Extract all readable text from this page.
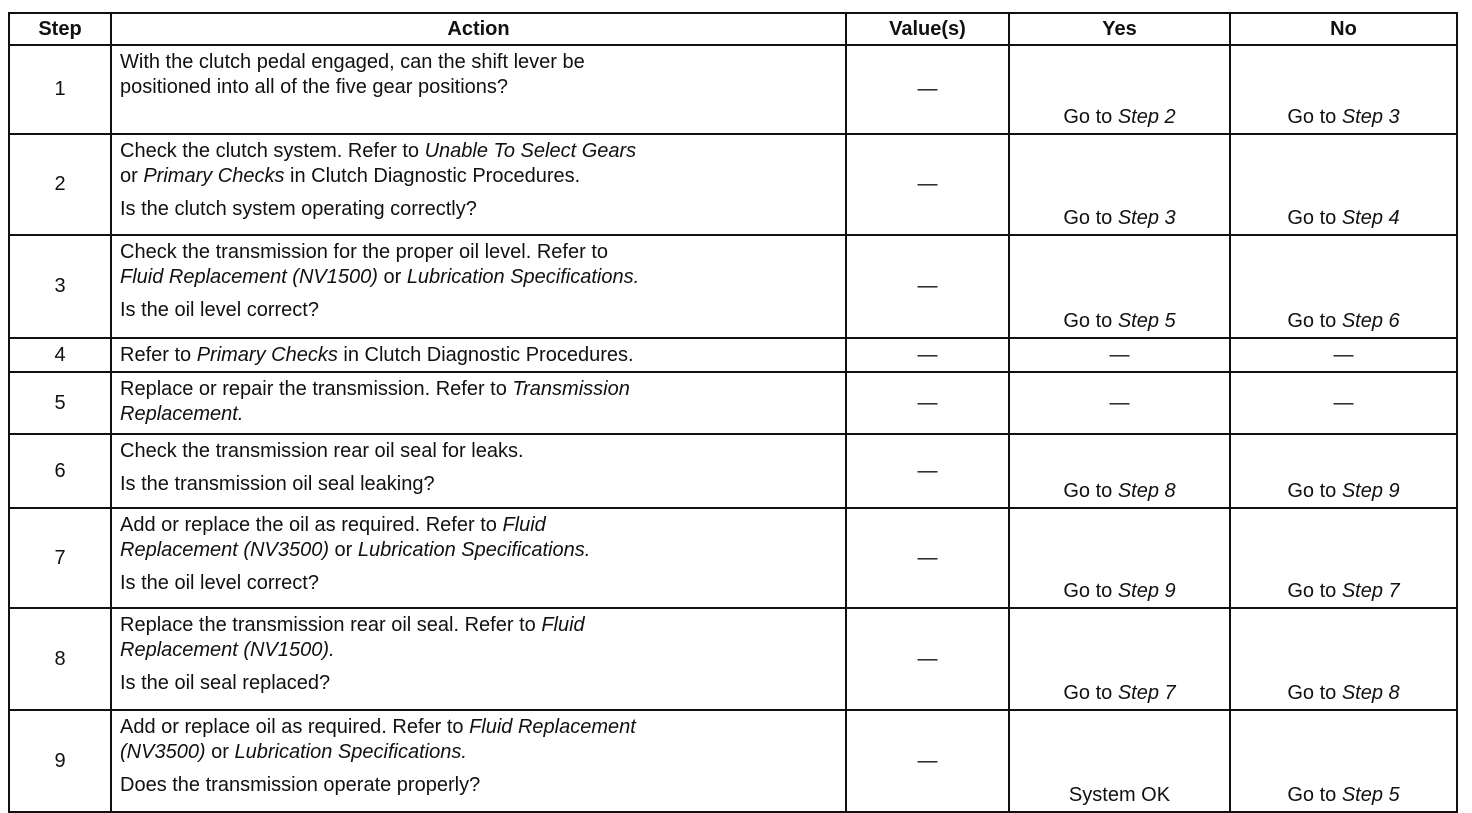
Step	Action	Value(s)	Yes	No
1	With the clutch pedal engaged, can the shift lever be
positioned into all of the five gear positions?	—	Go to Step 2	Go to Step 3
2	Check the clutch system. Refer to Unable To Select Gears
or Primary Checks in Clutch Diagnostic Procedures.
Is the clutch system operating correctly?	—	Go to Step 3	Go to Step 4
3	Check the transmission for the proper oil level. Refer to
Fluid Replacement (NV1500) or Lubrication Specifications.
Is the oil level correct?	—	Go to Step 5	Go to Step 6
4	Refer to Primary Checks in Clutch Diagnostic Procedures.	—	—	—
5	Replace or repair the transmission. Refer to Transmission
Replacement.	—	—	—
6	Check the transmission rear oil seal for leaks.
Is the transmission oil seal leaking?	—	Go to Step 8	Go to Step 9
7	Add or replace the oil as required. Refer to Fluid
Replacement (NV3500) or Lubrication Specifications.
Is the oil level correct?	—	Go to Step 9	Go to Step 7
8	Replace the transmission rear oil seal. Refer to Fluid
Replacement (NV1500).
Is the oil seal replaced?	—	Go to Step 7	Go to Step 8
9	Add or replace oil as required. Refer to Fluid Replacement
(NV3500) or Lubrication Specifications.
Does the transmission operate properly?	—	System OK	Go to Step 5
